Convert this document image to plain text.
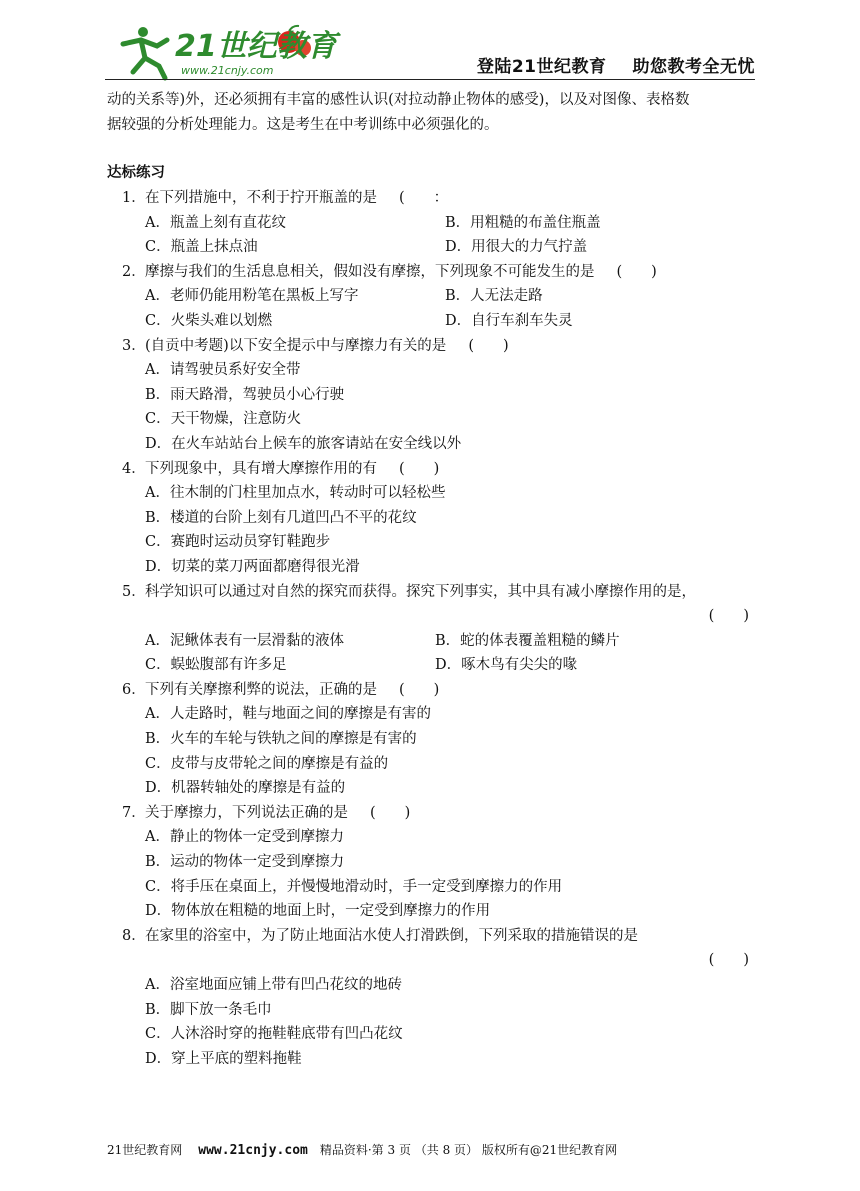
21世纪教育
www.21cnjy.com	登陆21世纪教育 助您教考全无忧

动的关系等)外，还必须拥有丰富的感性认识(对拉动静止物体的感受)，以及对图像、表格数

据较强的分析处理能力。这是考生在中考训练中必须强化的。

达标练习
1．在下列措施中，不利于拧开瓶盖的是 (　　：
A．瓶盖上刻有直花纹	B．用粗糙的布盖住瓶盖
C．瓶盖上抹点油	D．用很大的力气拧盖
2．摩擦与我们的生活息息相关，假如没有摩擦，下列现象不可能发生的是 (　　)
A．老师仍能用粉笔在黑板上写字	B．人无法走路
C．火柴头难以划燃	D．自行车刹车失灵
3．(自贡中考题)以下安全提示中与摩擦力有关的是 (　　)
A．请驾驶员系好安全带
B．雨天路滑，驾驶员小心行驶
C．天干物燥，注意防火
D．在火车站站台上候车的旅客请站在安全线以外
4．下列现象中，具有增大摩擦作用的有 (　　)
A．往木制的门柱里加点水，转动时可以轻松些
B．楼道的台阶上刻有几道凹凸不平的花纹
C．赛跑时运动员穿钉鞋跑步
D．切菜的菜刀两面都磨得很光滑
5．科学知识可以通过对自然的探究而获得。探究下列事实，其中具有减小摩擦作用的是，
(　　)
A．泥鳅体表有一层滑黏的液体	B．蛇的体表覆盖粗糙的鳞片
C．蜈蚣腹部有许多足	D．啄木鸟有尖尖的喙
6．下列有关摩擦利弊的说法，正确的是 (　　)
A．人走路时，鞋与地面之间的摩擦是有害的
B．火车的车轮与铁轨之间的摩擦是有害的
C．皮带与皮带轮之间的摩擦是有益的
D．机器转轴处的摩擦是有益的
7．关于摩擦力，下列说法正确的是 (　　)
A．静止的物体一定受到摩擦力
B．运动的物体一定受到摩擦力
C．将手压在桌面上，并慢慢地滑动时，手一定受到摩擦力的作用
D．物体放在粗糙的地面上时，一定受到摩擦力的作用
8．在家里的浴室中，为了防止地面沾水使人打滑跌倒，下列采取的措施错误的是
(　　)
A．浴室地面应铺上带有凹凸花纹的地砖
B．脚下放一条毛巾
C．人沐浴时穿的拖鞋鞋底带有凹凸花纹
D．穿上平底的塑料拖鞋
21世纪教育网 www.21cnjy.com 精品资料·第 3 页 （共 8 页） 版权所有@21世纪教育网
